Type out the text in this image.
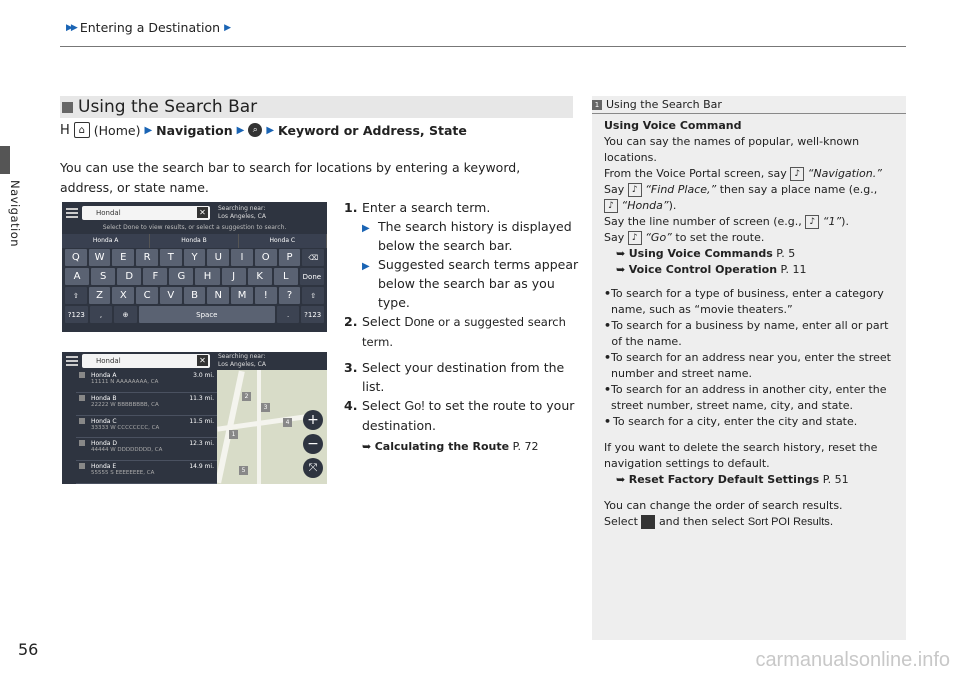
▶▶ Entering a Destination ▶
Navigation
Using the Search Bar
H ⌂ (Home) ▶ Navigation ▶ ⌕ ▶ Keyword or Address, State
You can use the search bar to search for locations by entering a keyword, address, or state name.
Hondal	✕	Searching near:
Los Angeles, CA
Select Done to view results, or select a suggestion to search.
Honda A	Honda B	Honda C
Q	W	E	R	T	Y	U	I	O	P	⌫
A	S	D	F	G	H	J	K	L	Done
⇧	Z	X	C	V	B	N	M	!	?	⇧
?123	,	⊕	Space	.	?123
Hondal	✕	Searching near:
Los Angeles, CA
Honda A
11111 N AAAAAAAA, CA
3.0 mi.
Honda B
22222 W BBBBBBBB, CA
11.3 mi.
Honda C
33333 W CCCCCCCC, CA
11.5 mi.
Honda D
44444 W DDDDDDDD, CA
12.3 mi.
Honda E
55555 S EEEEEEEE, CA
14.9 mi.
2
3
1
4
5
+
−
⤧
1. Enter a search term.
▶ The search history is displayed below the search bar.
▶ Suggested search terms appear below the search bar as you type.
2. Select Done or a suggested search term.
3. Select your destination from the list.
4. Select Go! to set the route to your destination.
➥ Calculating the Route P. 72
1 Using the Search Bar
Using Voice Command
You can say the names of popular, well-known locations.
From the Voice Portal screen, say ♪ “Navigation.”
Say ♪ “Find Place,” then say a place name (e.g.,
♪ “Honda”).
Say the line number of screen (e.g., ♪ “1”).
Say ♪ “Go” to set the route.
➥ Using Voice Commands P. 5
➥ Voice Control Operation P. 11
• To search for a type of business, enter a category name, such as “movie theaters.”
• To search for a business by name, enter all or part of the name.
• To search for an address near you, enter the street number and street name.
• To search for an address in another city, enter the street number, street name, city, and state.
• To search for a city, enter the city and state.
If you want to delete the search history, reset the navigation settings to default.
➥ Reset Factory Default Settings P. 51
You can change the order of search results.
Select and then select Sort POI Results.
56	carmanualsonline.info
